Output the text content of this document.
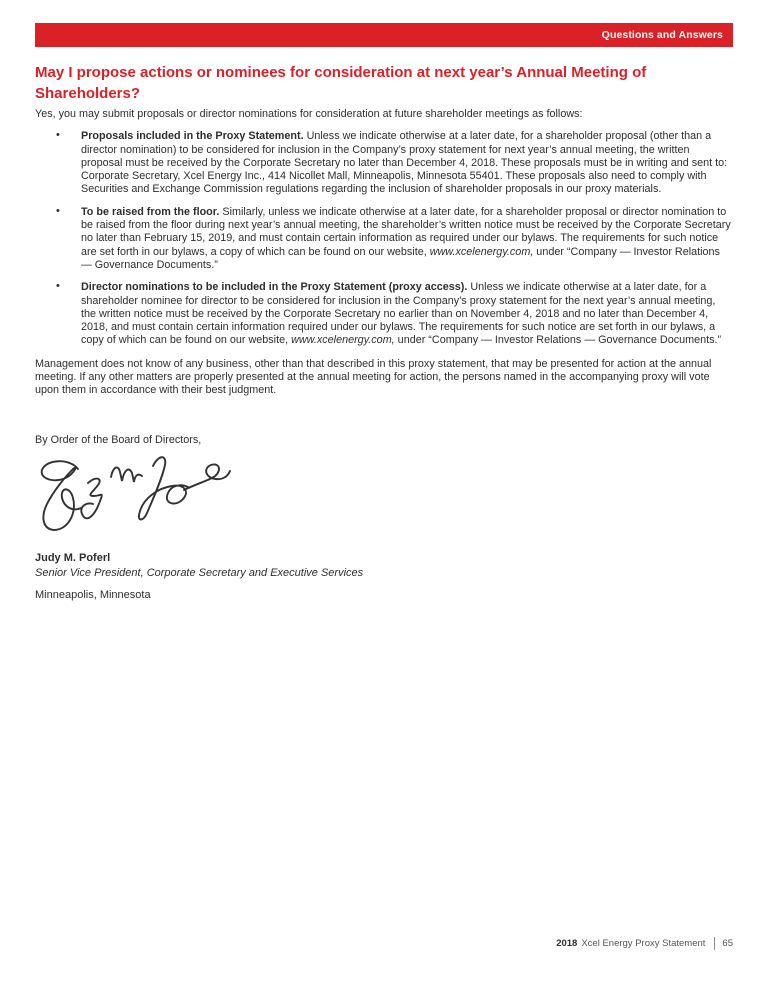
Questions and Answers
May I propose actions or nominees for consideration at next year’s Annual Meeting of Shareholders?

Yes, you may submit proposals or director nominations for consideration at future shareholder meetings as follows:

• Proposals included in the Proxy Statement. Unless we indicate otherwise at a later date, for a shareholder proposal (other than a director nomination) to be considered for inclusion in the Company’s proxy statement for next year’s annual meeting, the written proposal must be received by the Corporate Secretary no later than December 4, 2018. These proposals must be in writing and sent to: Corporate Secretary, Xcel Energy Inc., 414 Nicollet Mall, Minneapolis, Minnesota 55401. These proposals also need to comply with Securities and Exchange Commission regulations regarding the inclusion of shareholder proposals in our proxy materials.
• To be raised from the floor. Similarly, unless we indicate otherwise at a later date, for a shareholder proposal or director nomination to be raised from the floor during next year’s annual meeting, the shareholder’s written notice must be received by the Corporate Secretary no later than February 15, 2019, and must contain certain information as required under our bylaws. The requirements for such notice are set forth in our bylaws, a copy of which can be found on our website, www.xcelenergy.com, under “Company — Investor Relations — Governance Documents.”
• Director nominations to be included in the Proxy Statement (proxy access). Unless we indicate otherwise at a later date, for a shareholder nominee for director to be considered for inclusion in the Company’s proxy statement for the next year’s annual meeting, the written notice must be received by the Corporate Secretary no earlier than on November 4, 2018 and no later than December 4, 2018, and must contain certain information required under our bylaws. The requirements for such notice are set forth in our bylaws, a copy of which can be found on our website, www.xcelenergy.com, under “Company — Investor Relations — Governance Documents.”

Management does not know of any business, other than that described in this proxy statement, that may be presented for action at the annual meeting. If any other matters are properly presented at the annual meeting for action, the persons named in the accompanying proxy will vote upon them in accordance with their best judgment.

By Order of the Board of Directors,

Judy M. Poferl

Senior Vice President, Corporate Secretary and Executive Services

Minneapolis, Minnesota

2018 Xcel Energy Proxy Statement 65
